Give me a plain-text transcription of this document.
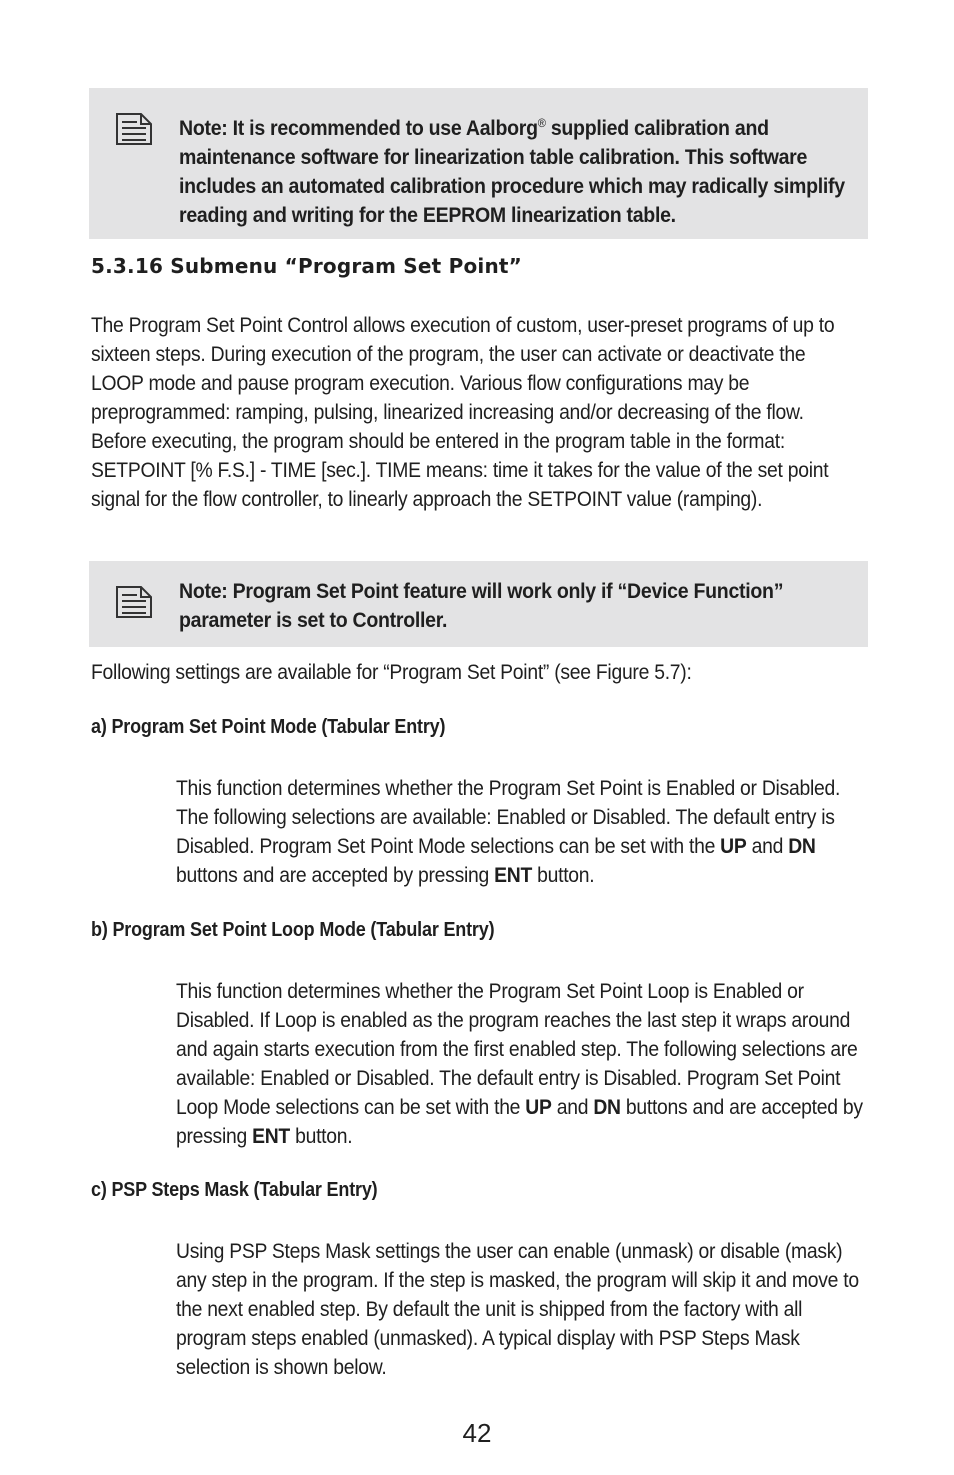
Note: It is recommended to use Aalborg® supplied calibration and maintenance software for linearization table calibration. This software includes an automated calibration procedure which may radically simplify reading and writing for the EEPROM linearization table.
5.3.16 Submenu “Program Set Point”
The Program Set Point Control allows execution of custom, user-preset programs of up to sixteen steps. During execution of the program, the user can activate or deactivate the LOOP mode and pause program execution. Various flow configurations may be preprogrammed: ramping, pulsing, linearized increasing and/or decreasing of the flow. Before executing, the program should be entered in the program table in the format: SETPOINT [% F.S.] - TIME [sec.]. TIME means: time it takes for the value of the set point signal for the flow controller, to linearly approach the SETPOINT value (ramping).
Note: Program Set Point feature will work only if “Device Function” parameter is set to Controller.
Following settings are available for “Program Set Point” (see Figure 5.7):
a) Program Set Point Mode (Tabular Entry)
This function determines whether the Program Set Point is Enabled or Disabled. The following selections are available: Enabled or Disabled. The default entry is Disabled. Program Set Point Mode selections can be set with the UP and DN buttons and are accepted by pressing ENT button.
b) Program Set Point Loop Mode (Tabular Entry)
This function determines whether the Program Set Point Loop is Enabled or Disabled. If Loop is enabled as the program reaches the last step it wraps around and again starts execution from the first enabled step. The following selections are available: Enabled or Disabled. The default entry is Disabled. Program Set Point Loop Mode selections can be set with the UP and DN buttons and are accepted by pressing ENT button.
c) PSP Steps Mask (Tabular Entry)
Using PSP Steps Mask settings the user can enable (unmask) or disable (mask) any step in the program. If the step is masked, the program will skip it and move to the next enabled step. By default the unit is shipped from the factory with all program steps enabled (unmasked). A typical display with PSP Steps Mask selection is shown below.
42
